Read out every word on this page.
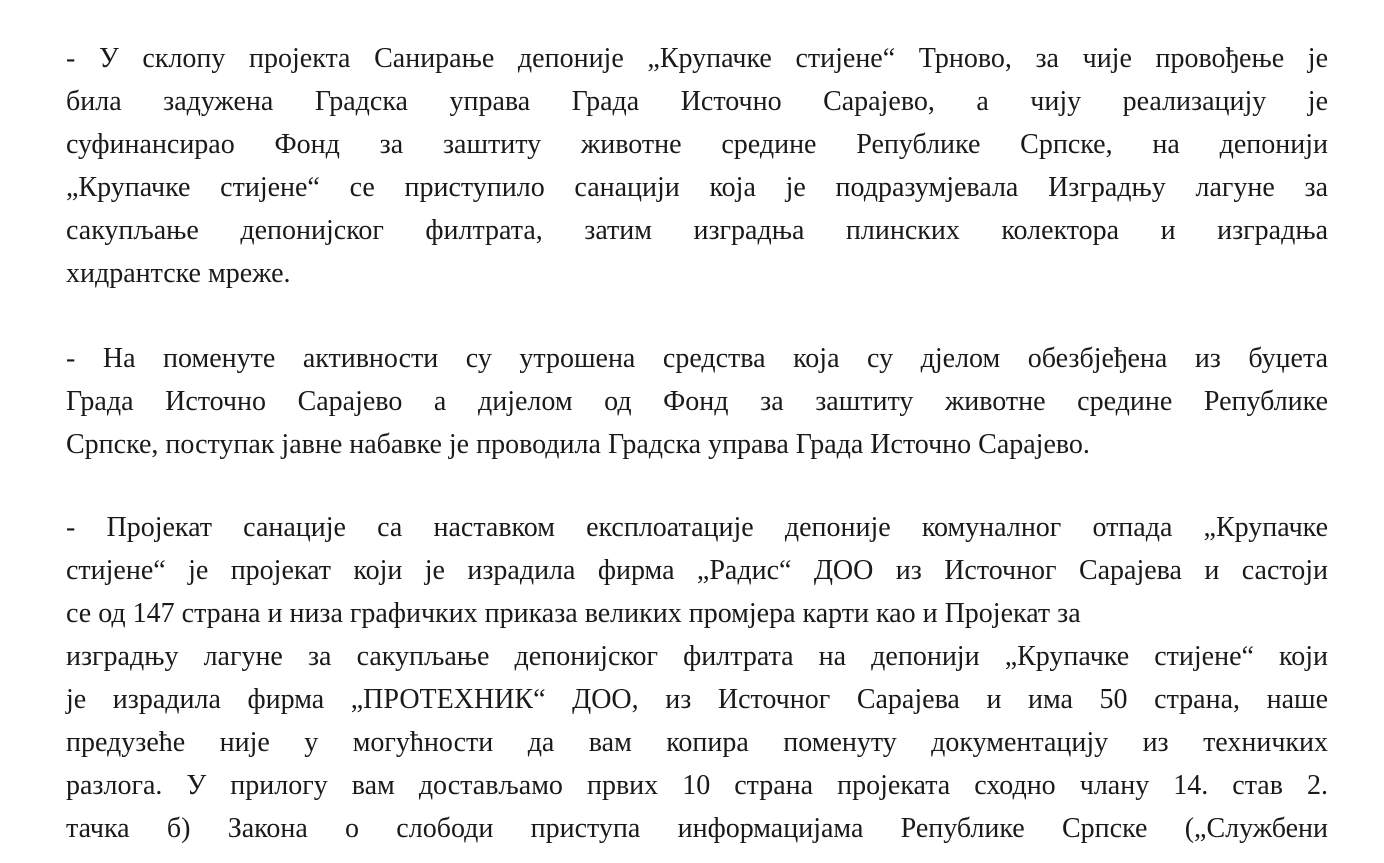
- У склопу пројекта Санирање депоније „Крупачке стијене“ Трново, за чије провођење је
била задужена Градска управа Града Источно Сарајево, а чију реализацију је
суфинансирао Фонд за заштиту животне средине Републике Српске, на депонији
„Крупачке стијене“ се приступило санацији која је подразумјевала Изградњу лагуне за
сакупљање депонијског филтрата, затим изградња плинских колектора и изградња
хидрантске мреже.
- На поменуте активности су утрошена средства која су дјелом обезбјеђена из буџета
Града Источно Сарајево а дијелом од Фонд за заштиту животне средине Републике
Српске, поступак јавне набавке је проводила Градска управа Града Источно Сарајево.
- Пројекат санације са наставком експлоатације депоније комуналног отпада „Крупачке
стијене“ је пројекат који је израдила фирма „Радис“ ДОО из Источног Сарајева и састоји
се од 147 страна и низа графичких приказа великих промјера карти као и Пројекат за
изградњу лагуне за сакупљање депонијског филтрата на депонији „Крупачке стијене“ који
је израдила фирма „ПРОТЕХНИК“ ДОО, из Источног Сарајева и има 50 страна, наше
предузеће није у могућности да вам копира поменуту документацију из техничких
разлога. У прилогу вам достављамо првих 10 страна пројеката сходно члану 14. став 2.
тачка б) Закона о слободи приступа информацијама Републике Српске („Службени
